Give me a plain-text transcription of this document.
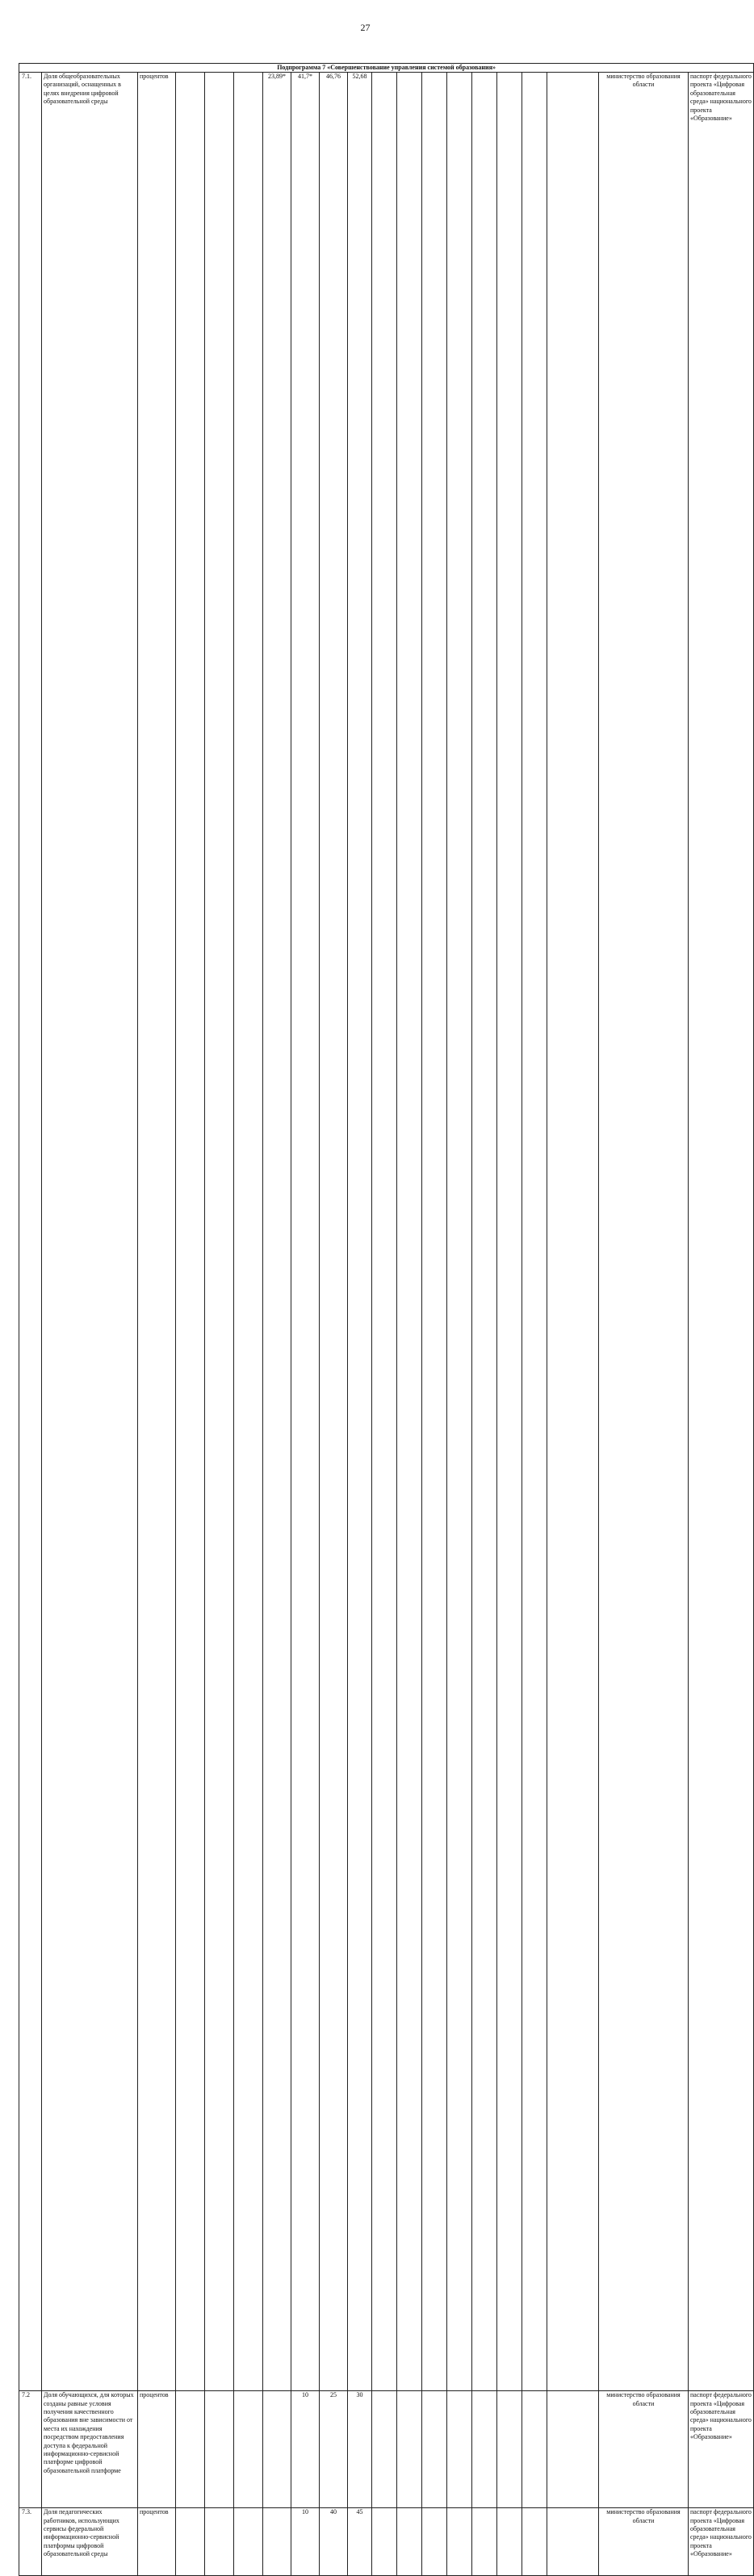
27
Подпрограмма 7 «Совершенствование управления системой образования»																				
7.1.	Доля общеобразовательных организаций, оснащенных в целях внедрения цифровой образовательной среды	процентов				23,89*	41,7*	46,76	52,68									министерство образования области	паспорт федерального проекта «Цифровая образовательная среда» национального проекта «Образование»	
7.2	Доля обучающихся, для которых созданы равные условия получения качественного образования вне зависимости от места их нахождения посредством предоставления доступа к федеральной информационно-сервисной платформе цифровой образовательной платформе	процентов					10	25	30									министерство образования области	паспорт федерального проекта «Цифровая образовательная среда» национального проекта «Образование»	
7.3.	Доля педагогических работников, использующих сервисы федеральной информационно-сервисной платформы цифровой образовательной среды	процентов					10	40	45									министерство образования области	паспорт федерального проекта «Цифровая образовательная среда» национального проекта «Образование»	
